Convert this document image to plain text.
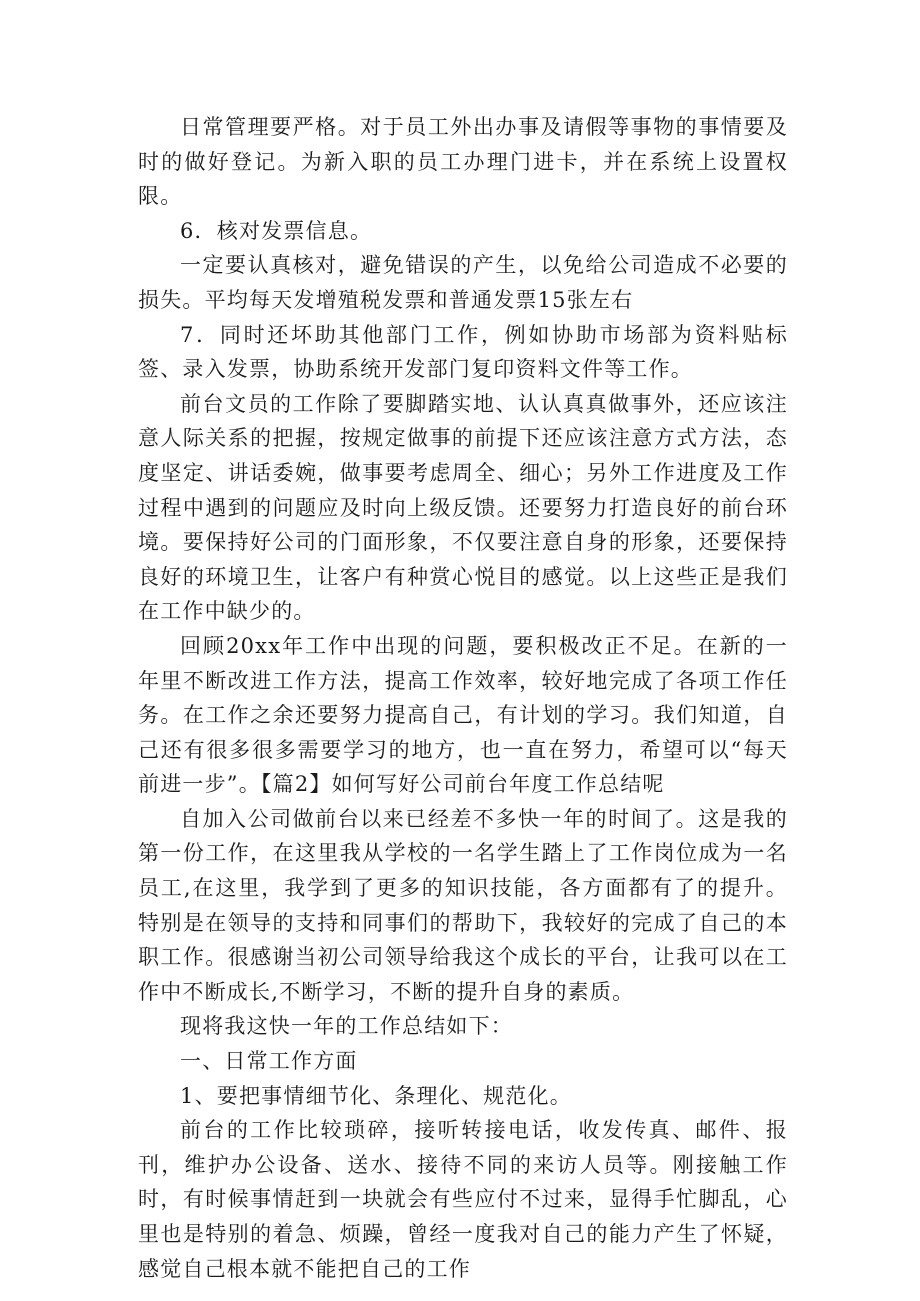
日常管理要严格。对于员工外出办事及请假等事物的事情要及时的做好登记。为新入职的员工办理门进卡，并在系统上设置权限。

6．核对发票信息。

一定要认真核对，避免错误的产生，以免给公司造成不必要的损失。平均每天发增殖税发票和普通发票15张左右

7．同时还坏助其他部门工作，例如协助市场部为资料贴标签、录入发票，协助系统开发部门复印资料文件等工作。

前台文员的工作除了要脚踏实地、认认真真做事外，还应该注意人际关系的把握，按规定做事的前提下还应该注意方式方法，态度坚定、讲话委婉，做事要考虑周全、细心；另外工作进度及工作过程中遇到的问题应及时向上级反馈。还要努力打造良好的前台环境。要保持好公司的门面形象，不仅要注意自身的形象，还要保持良好的环境卫生，让客户有种赏心悦目的感觉。以上这些正是我们在工作中缺少的。

回顾20xx年工作中出现的问题，要积极改正不足。在新的一年里不断改进工作方法，提高工作效率，较好地完成了各项工作任务。在工作之余还要努力提高自己，有计划的学习。我们知道，自己还有很多很多需要学习的地方，也一直在努力，希望可以“每天前进一步”。【篇2】如何写好公司前台年度工作总结呢

自加入公司做前台以来已经差不多快一年的时间了。这是我的第一份工作，在这里我从学校的一名学生踏上了工作岗位成为一名员工,在这里，我学到了更多的知识技能，各方面都有了的提升。特别是在领导的支持和同事们的帮助下，我较好的完成了自己的本职工作。很感谢当初公司领导给我这个成长的平台，让我可以在工作中不断成长,不断学习，不断的提升自身的素质。

现将我这快一年的工作总结如下：

一、日常工作方面

1、要把事情细节化、条理化、规范化。

前台的工作比较琐碎，接听转接电话，收发传真、邮件、报刊，维护办公设备、送水、接待不同的来访人员等。刚接触工作时，有时候事情赶到一块就会有些应付不过来，显得手忙脚乱，心里也是特别的着急、烦躁，曾经一度我对自己的能力产生了怀疑，感觉自己根本就不能把自己的工作
